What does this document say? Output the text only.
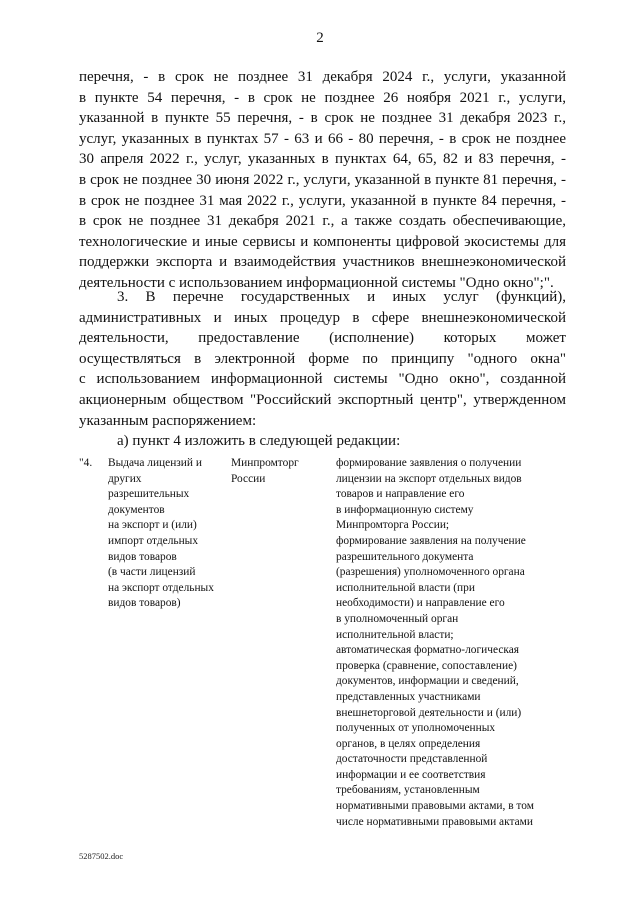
2
перечня, - в срок не позднее 31 декабря 2024 г., услуги, указанной
в пункте 54 перечня, - в срок не позднее 26 ноября 2021 г., услуги,
указанной в пункте 55 перечня, - в срок не позднее 31 декабря 2023 г.,
услуг, указанных в пунктах 57 - 63 и 66 - 80 перечня, - в срок не позднее
30 апреля 2022 г., услуг, указанных в пунктах 64, 65, 82 и 83 перечня, -
в срок не позднее 30 июня 2022 г., услуги, указанной в пункте 81 перечня, -
в срок не позднее 31 мая 2022 г., услуги, указанной в пункте 84 перечня, -
в срок не позднее 31 декабря 2021 г., а также создать обеспечивающие,
технологические и иные сервисы и компоненты цифровой экосистемы для
поддержки экспорта и взаимодействия участников внешнеэкономической
деятельности с использованием информационной системы "Одно окно";".
3. В перечне государственных и иных услуг (функций),
административных и иных процедур в сфере внешнеэкономической
деятельности, предоставление (исполнение) которых может
осуществляться в электронной форме по принципу "одного окна"
с использованием информационной системы "Одно окно", созданной
акционерным обществом "Российский экспортный центр", утвержденном
указанным распоряжением:
а) пункт 4 изложить в следующей редакции:
"4. Выдача лицензий и
других
разрешительных
документов
на экспорт и (или)
импорт отдельных
видов товаров
(в части лицензий
на экспорт отдельных
видов товаров)
Минпромторг
России
формирование заявления о получении
лицензии на экспорт отдельных видов
товаров и направление его
в информационную систему
Минпромторга России;
формирование заявления на получение
разрешительного документа
(разрешения) уполномоченного органа
исполнительной власти (при
необходимости) и направление его
в уполномоченный орган
исполнительной власти;
автоматическая форматно-логическая
проверка (сравнение, сопоставление)
документов, информации и сведений,
представленных участниками
внешнеторговой деятельности и (или)
полученных от уполномоченных
органов, в целях определения
достаточности представленной
информации и ее соответствия
требованиям, установленным
нормативными правовыми актами, в том
числе нормативными правовыми актами
5287502.doc
